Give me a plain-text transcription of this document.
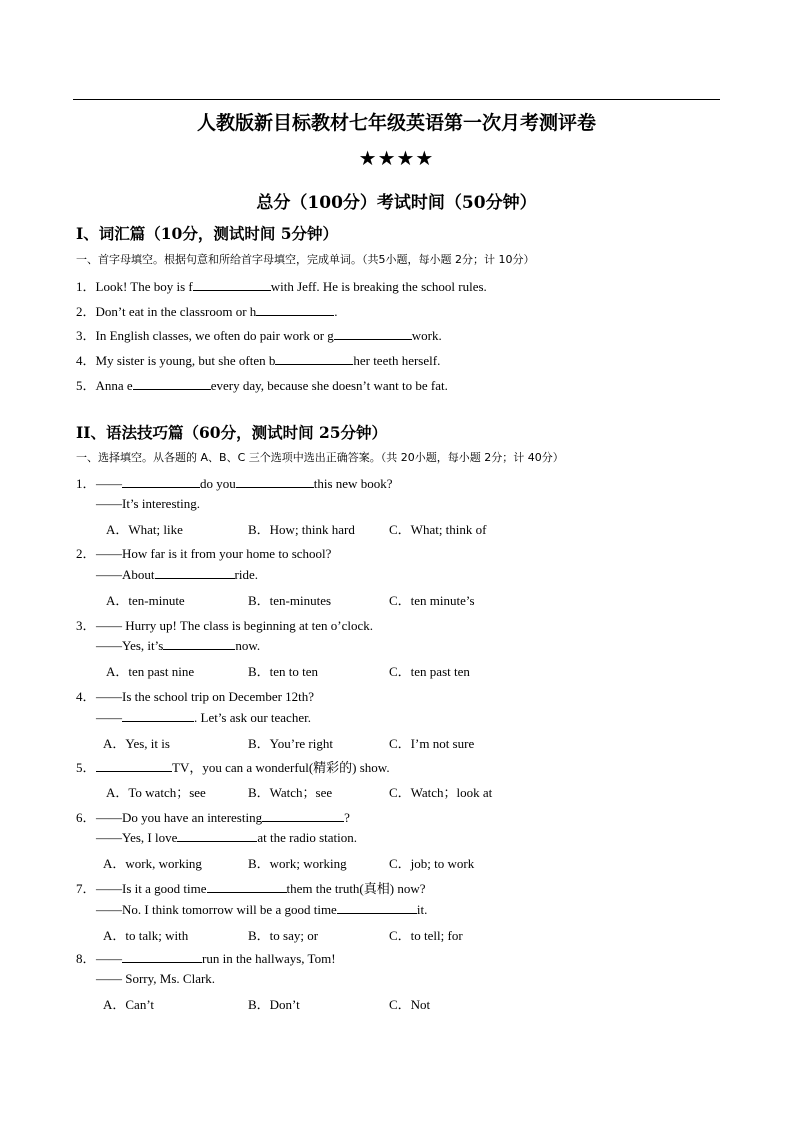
人教版新目标教材七年级英语第一次月考测评卷
★★★★
总分（100分）考试时间（50分钟）
I、词汇篇（10分，测试时间 5分钟）
一、首字母填空。根据句意和所给首字母填空，完成单词。（共5小题，每小题 2分；计 10分）
1．Look! The boy is f	with Jeff. He is breaking the school rules.
2．Don’t eat in the classroom or h	.
3．In English classes, we often do pair work or g	work.
4．My sister is young, but she often b	her teeth herself.
5．Anna e	every day, because she doesn’t want to be fat.
II、语法技巧篇（60分，测试时间 25分钟）
一、选择填空。从各题的 A、B、C 三个选项中选出正确答案。（共 20小题，每小题 2分；计 40分）
1．——	do you	this new book?
——It’s interesting.
A．What; like	B．How; think hard	C．What; think of
2．——How far is it from your home to school?
——About	ride.
A．ten-minute	B．ten-minutes	C．ten minute’s
3．—— Hurry up! The class is beginning at ten o’clock.
——Yes, it’s	now.
A．ten past nine	B．ten to ten	C．ten past ten
4．——Is the school trip on December 12th?
——	. Let’s ask our teacher.
A．Yes, it is	B．You’re right	C．I’m not sure
5．	TV，you can a wonderful(精彩的) show.
A．To watch；see	B．Watch；see	C．Watch；look at
6．——Do you have an interesting	?
——Yes, I love	at the radio station.
A．work, working	B．work; working	C．job; to work
7．——Is it a good time	them the truth(真相) now?
——No. I think tomorrow will be a good time	it.
A．to talk; with	B．to say; or	C．to tell; for
8．——	run in the hallways, Tom!
—— Sorry, Ms. Clark.
A．Can’t	B．Don’t	C．Not
